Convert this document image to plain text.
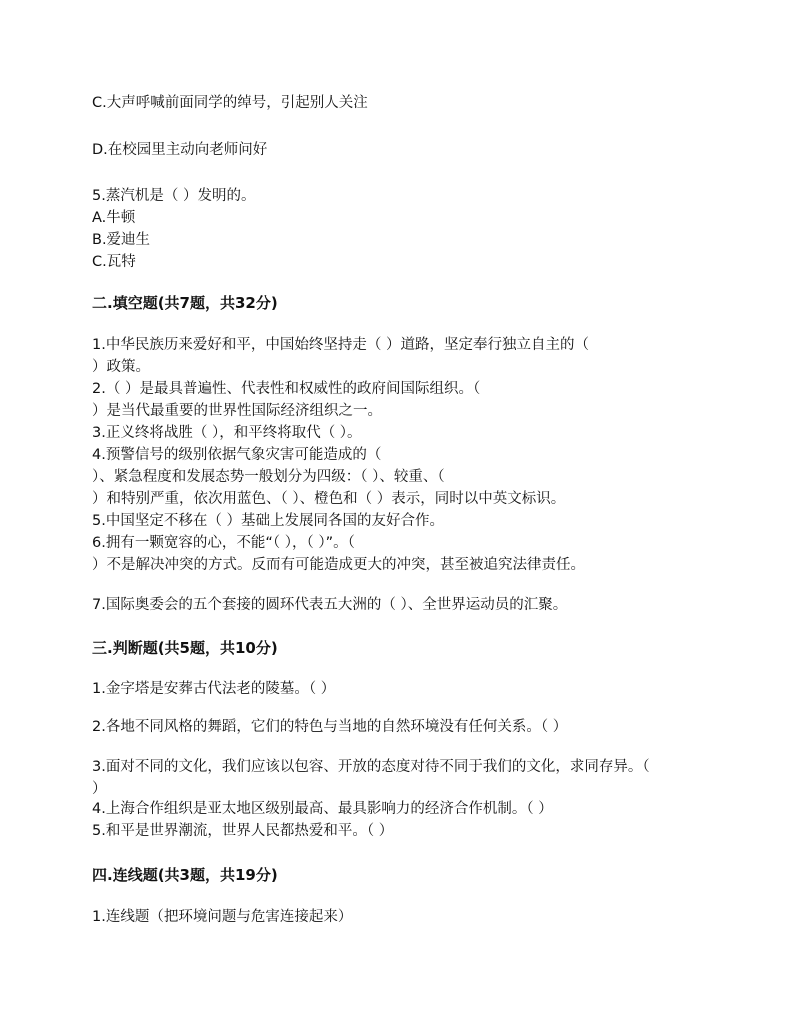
C.大声呼喊前面同学的绰号，引起别人关注
D.在校园里主动向老师问好
5.蒸汽机是（ ）发明的。
A.牛顿
B.爱迪生
C.瓦特
二.填空题(共7题，共32分)
1.中华民族历来爱好和平，中国始终坚持走（ ）道路，坚定奉行独立自主的（
）政策。
2.（ ）是最具普遍性、代表性和权威性的政府间国际组织。（
）是当代最重要的世界性国际经济组织之一。
3.正义终将战胜（ ），和平终将取代（ ）。
4.预警信号的级别依据气象灾害可能造成的（
）、紧急程度和发展态势一般划分为四级：（ ）、较重、（
）和特别严重，依次用蓝色、（ ）、橙色和（ ）表示，同时以中英文标识。
5.中国坚定不移在（ ）基础上发展同各国的友好合作。
6.拥有一颗宽容的心，不能“（ ），（ ）”。（
）不是解决冲突的方式。反而有可能造成更大的冲突，甚至被追究法律责任。
7.国际奥委会的五个套接的圆环代表五大洲的（ ）、全世界运动员的汇聚。
三.判断题(共5题，共10分)
1.金字塔是安葬古代法老的陵墓。（ ）
2.各地不同风格的舞蹈，它们的特色与当地的自然环境没有任何关系。（ ）
3.面对不同的文化，我们应该以包容、开放的态度对待不同于我们的文化，求同存异。（
）
4.上海合作组织是亚太地区级别最高、最具影响力的经济合作机制。（ ）
5.和平是世界潮流，世界人民都热爱和平。（ ）
四.连线题(共3题，共19分)
1.连线题（把环境问题与危害连接起来）
